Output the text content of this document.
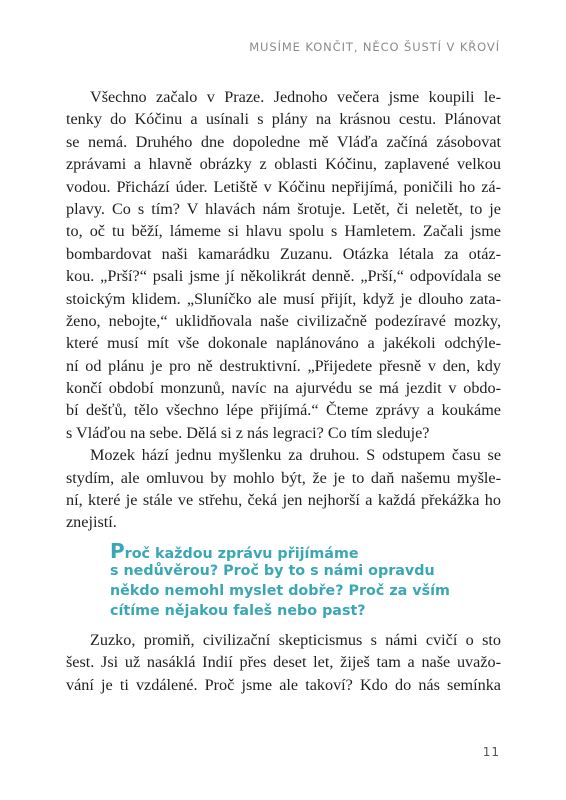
MUSÍME KONČIT, NĚCO ŠUSTÍ V KŘOVÍ
Všechno začalo v Praze. Jednoho večera jsme koupili le-
tenky do Kóčinu a usínali s plány na krásnou cestu. Plánovat
se nemá. Druhého dne dopoledne mě Vláďa začíná zásobovat
zprávami a hlavně obrázky z oblasti Kóčinu, zaplavené velkou
vodou. Přichází úder. Letiště v Kóčinu nepřijímá, poničili ho zá-
plavy. Co s tím? V hlavách nám šrotuje. Letět, či neletět, to je
to, oč tu běží, lámeme si hlavu spolu s Hamletem. Začali jsme
bombardovat naši kamarádku Zuzanu. Otázka létala za otáz-
kou. „Prší?“ psali jsme jí několikrát denně. „Prší,“ odpovídala se
stoickým klidem. „Sluníčko ale musí přijít, když je dlouho zata-
ženo, nebojte,“ uklidňovala naše civilizačně podezíravé mozky,
které musí mít vše dokonale naplánováno a jakékoli odchýle-
ní od plánu je pro ně destruktivní. „Přijedete přesně v den, kdy
končí období monzunů, navíc na ajurvédu se má jezdit v obdo-
bí dešťů, tělo všechno lépe přijímá.“ Čteme zprávy a koukáme
s Vláďou na sebe. Dělá si z nás legraci? Co tím sleduje?
Mozek hází jednu myšlenku za druhou. S odstupem času se
stydím, ale omluvou by mohlo být, že je to daň našemu myšle-
ní, které je stále ve střehu, čeká jen nejhorší a každá překážka ho
znejistí.
Proč každou zprávu přijímáme
s nedůvěrou? Proč by to s námi opravdu
někdo nemohl myslet dobře? Proč za vším
cítíme nějakou faleš nebo past?
Zuzko, promiň, civilizační skepticismus s námi cvičí o sto
šest. Jsi už nasáklá Indií přes deset let, žiješ tam a naše uvažo-
vání je ti vzdálené. Proč jsme ale takoví? Kdo do nás semínka
11
